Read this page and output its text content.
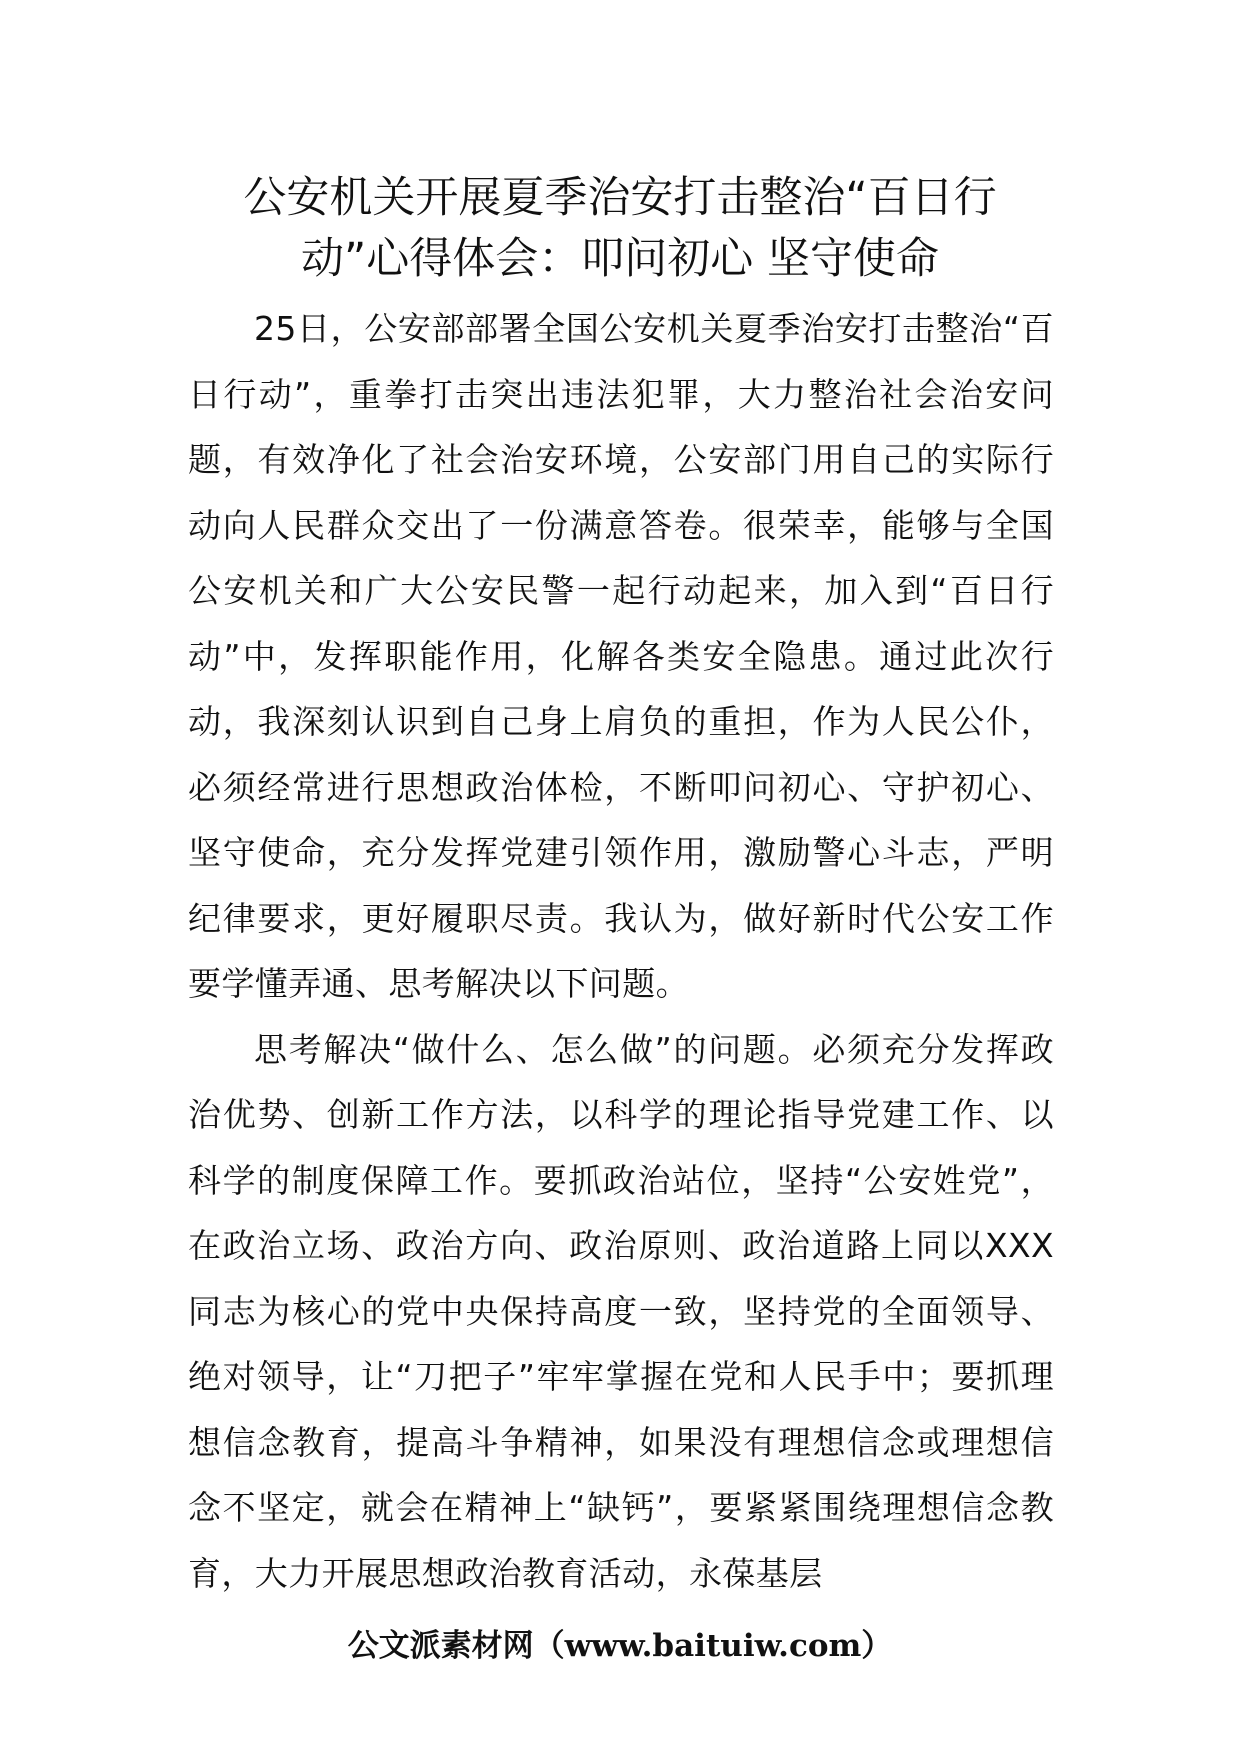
公安机关开展夏季治安打击整治“百日行
动”心得体会：叩问初心 坚守使命

25日，公安部部署全国公安机关夏季治安打击整治“百日行动”，重拳打击突出违法犯罪，大力整治社会治安问题，有效净化了社会治安环境，公安部门用自己的实际行动向人民群众交出了一份满意答卷。很荣幸，能够与全国公安机关和广大公安民警一起行动起来，加入到“百日行动”中，发挥职能作用，化解各类安全隐患。通过此次行动，我深刻认识到自己身上肩负的重担，作为人民公仆，必须经常进行思想政治体检，不断叩问初心、守护初心、坚守使命，充分发挥党建引领作用，激励警心斗志，严明纪律要求，更好履职尽责。我认为，做好新时代公安工作要学懂弄通、思考解决以下问题。

思考解决“做什么、怎么做”的问题。必须充分发挥政治优势、创新工作方法，以科学的理论指导党建工作、以科学的制度保障工作。要抓政治站位，坚持“公安姓党”，在政治立场、政治方向、政治原则、政治道路上同以XXX同志为核心的党中央保持高度一致，坚持党的全面领导、绝对领导，让“刀把子”牢牢掌握在党和人民手中；要抓理想信念教育，提高斗争精神，如果没有理想信念或理想信念不坚定，就会在精神上“缺钙”，要紧紧围绕理想信念教育，大力开展思想政治教育活动，永葆基层

公文派素材网（www.baituiw.com）
